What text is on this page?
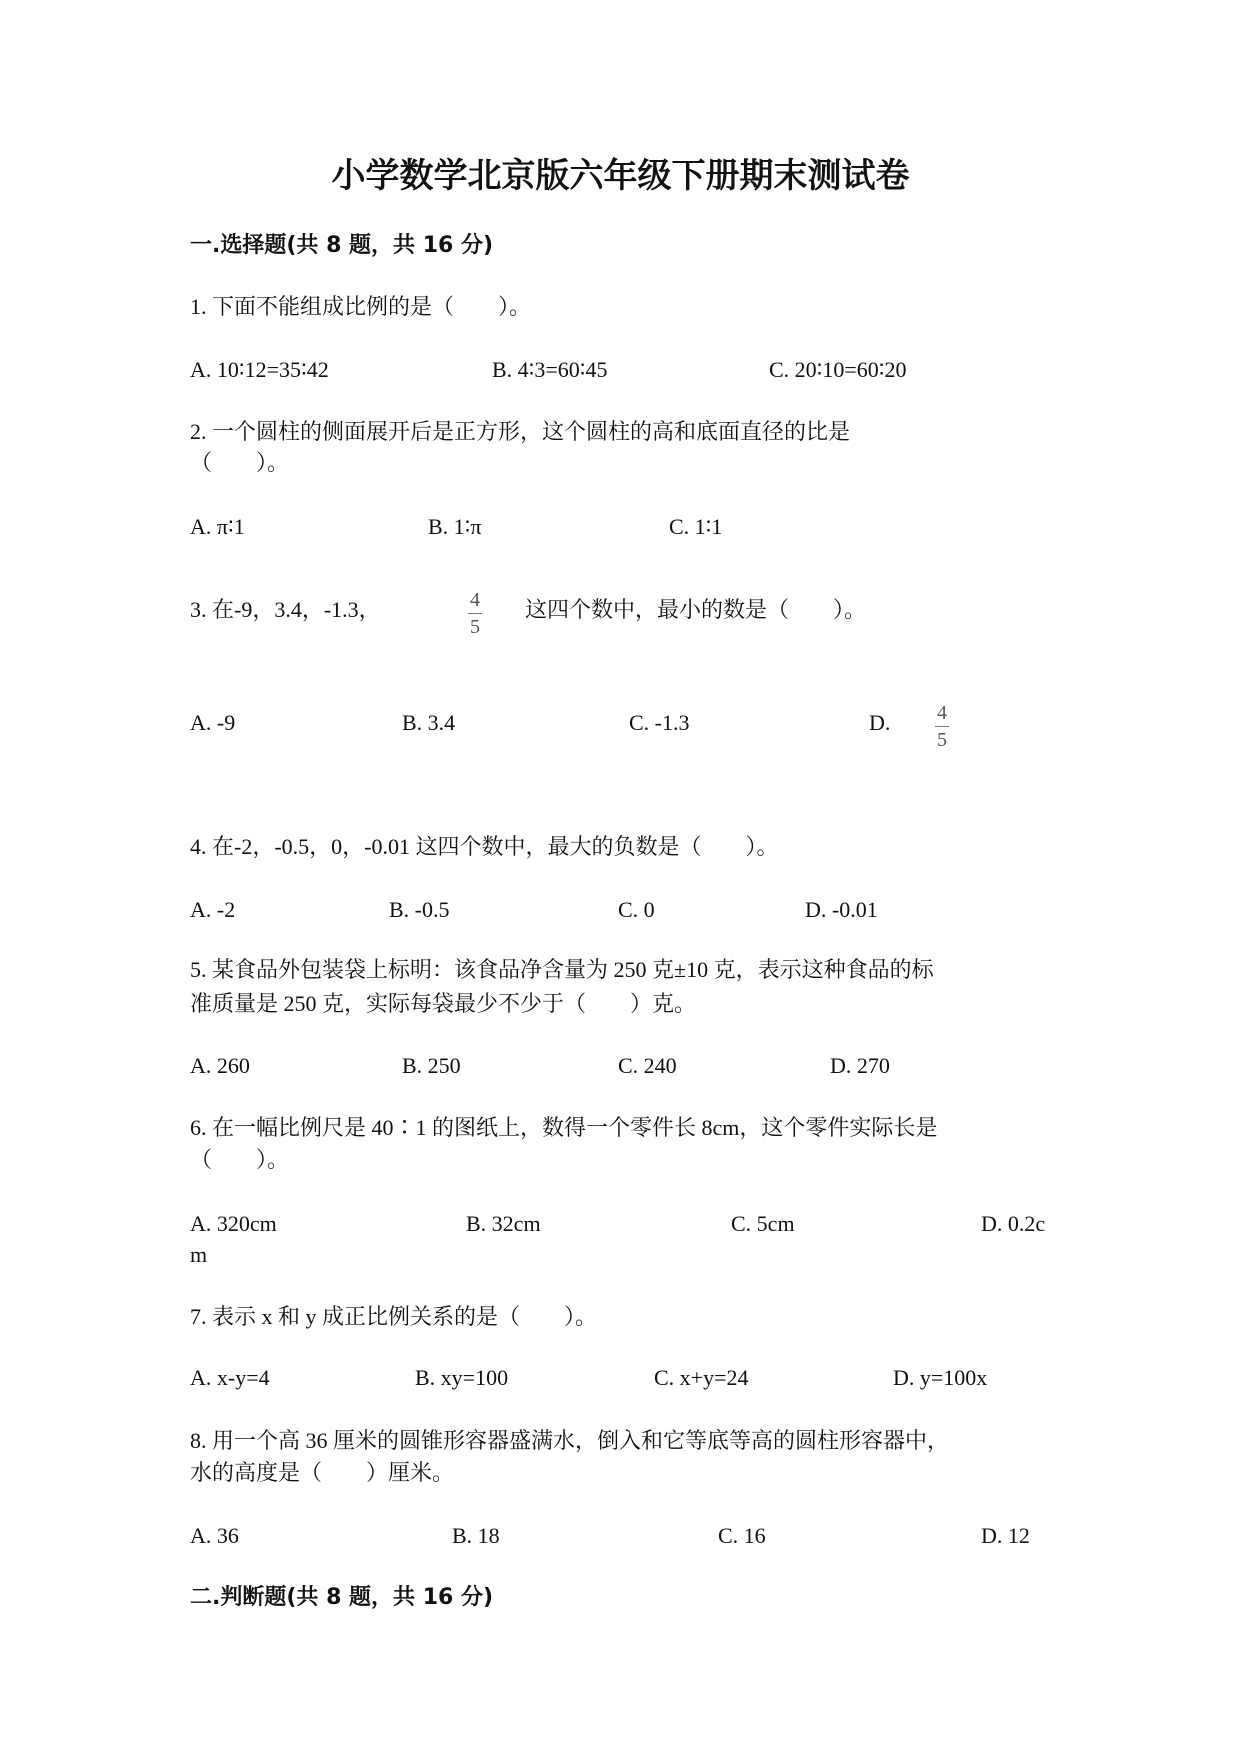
小学数学北京版六年级下册期末测试卷
一.选择题(共 8 题，共 16 分)
1. 下面不能组成比例的是（　　）。
A. 10∶12=35∶42	B. 4∶3=60∶45	C. 20∶10=60∶20
2. 一个圆柱的侧面展开后是正方形，这个圆柱的高和底面直径的比是
（　　）。
A. π∶1	B. 1∶π	C. 1∶1
3. 在-9，3.4，-1.3，	4
5
这四个数中，最小的数是（　　）。
A. -9	B. 3.4	C. -1.3	D. 4
5
4. 在-2，-0.5，0，-0.01 这四个数中，最大的负数是（　　）。
A. -2	B. -0.5	C. 0	D. -0.01
5. 某食品外包装袋上标明：该食品净含量为 250 克±10 克，表示这种食品的标
准质量是 250 克，实际每袋最少不少于（　　）克。
A. 260	B. 250	C. 240	D. 270
6. 在一幅比例尺是 40∶1 的图纸上，数得一个零件长 8cm，这个零件实际长是
（　　）。
A. 320cm	B. 32cm	C. 5cm	D. 0.2c
m
7. 表示 x 和 y 成正比例关系的是（　　）。
A. x-y=4	B. xy=100	C. x+y=24	D. y=100x
8. 用一个高 36 厘米的圆锥形容器盛满水，倒入和它等底等高的圆柱形容器中，
水的高度是（　　）厘米。
A. 36	B. 18	C. 16	D. 12
二.判断题(共 8 题，共 16 分)
